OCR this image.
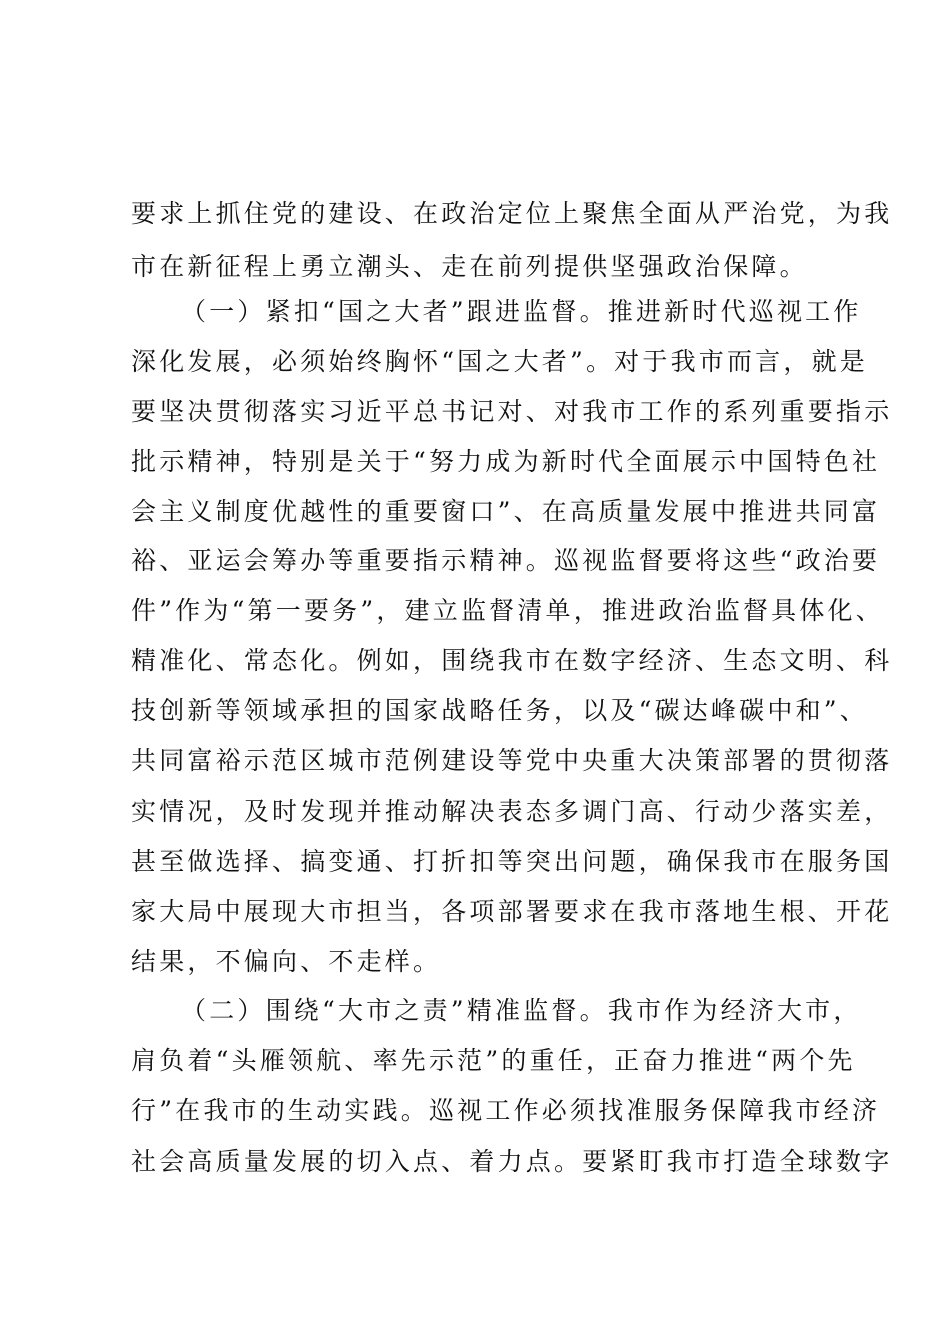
要求上抓住党的建设、在政治定位上聚焦全面从严治党，为我
市在新征程上勇立潮头、走在前列提供坚强政治保障。
（一）紧扣“国之大者”跟进监督。推进新时代巡视工作
深化发展，必须始终胸怀“国之大者”。对于我市而言，就是
要坚决贯彻落实习近平总书记对、对我市工作的系列重要指示
批示精神，特别是关于“努力成为新时代全面展示中国特色社
会主义制度优越性的重要窗口”、在高质量发展中推进共同富
裕、亚运会筹办等重要指示精神。巡视监督要将这些“政治要
件”作为“第一要务”，建立监督清单，推进政治监督具体化、
精准化、常态化。例如，围绕我市在数字经济、生态文明、科
技创新等领域承担的国家战略任务，以及“碳达峰碳中和”、
共同富裕示范区城市范例建设等党中央重大决策部署的贯彻落
实情况，及时发现并推动解决表态多调门高、行动少落实差，
甚至做选择、搞变通、打折扣等突出问题，确保我市在服务国
家大局中展现大市担当，各项部署要求在我市落地生根、开花
结果，不偏向、不走样。
（二）围绕“大市之责”精准监督。我市作为经济大市，
肩负着“头雁领航、率先示范”的重任，正奋力推进“两个先
行”在我市的生动实践。巡视工作必须找准服务保障我市经济
社会高质量发展的切入点、着力点。要紧盯我市打造全球数字
